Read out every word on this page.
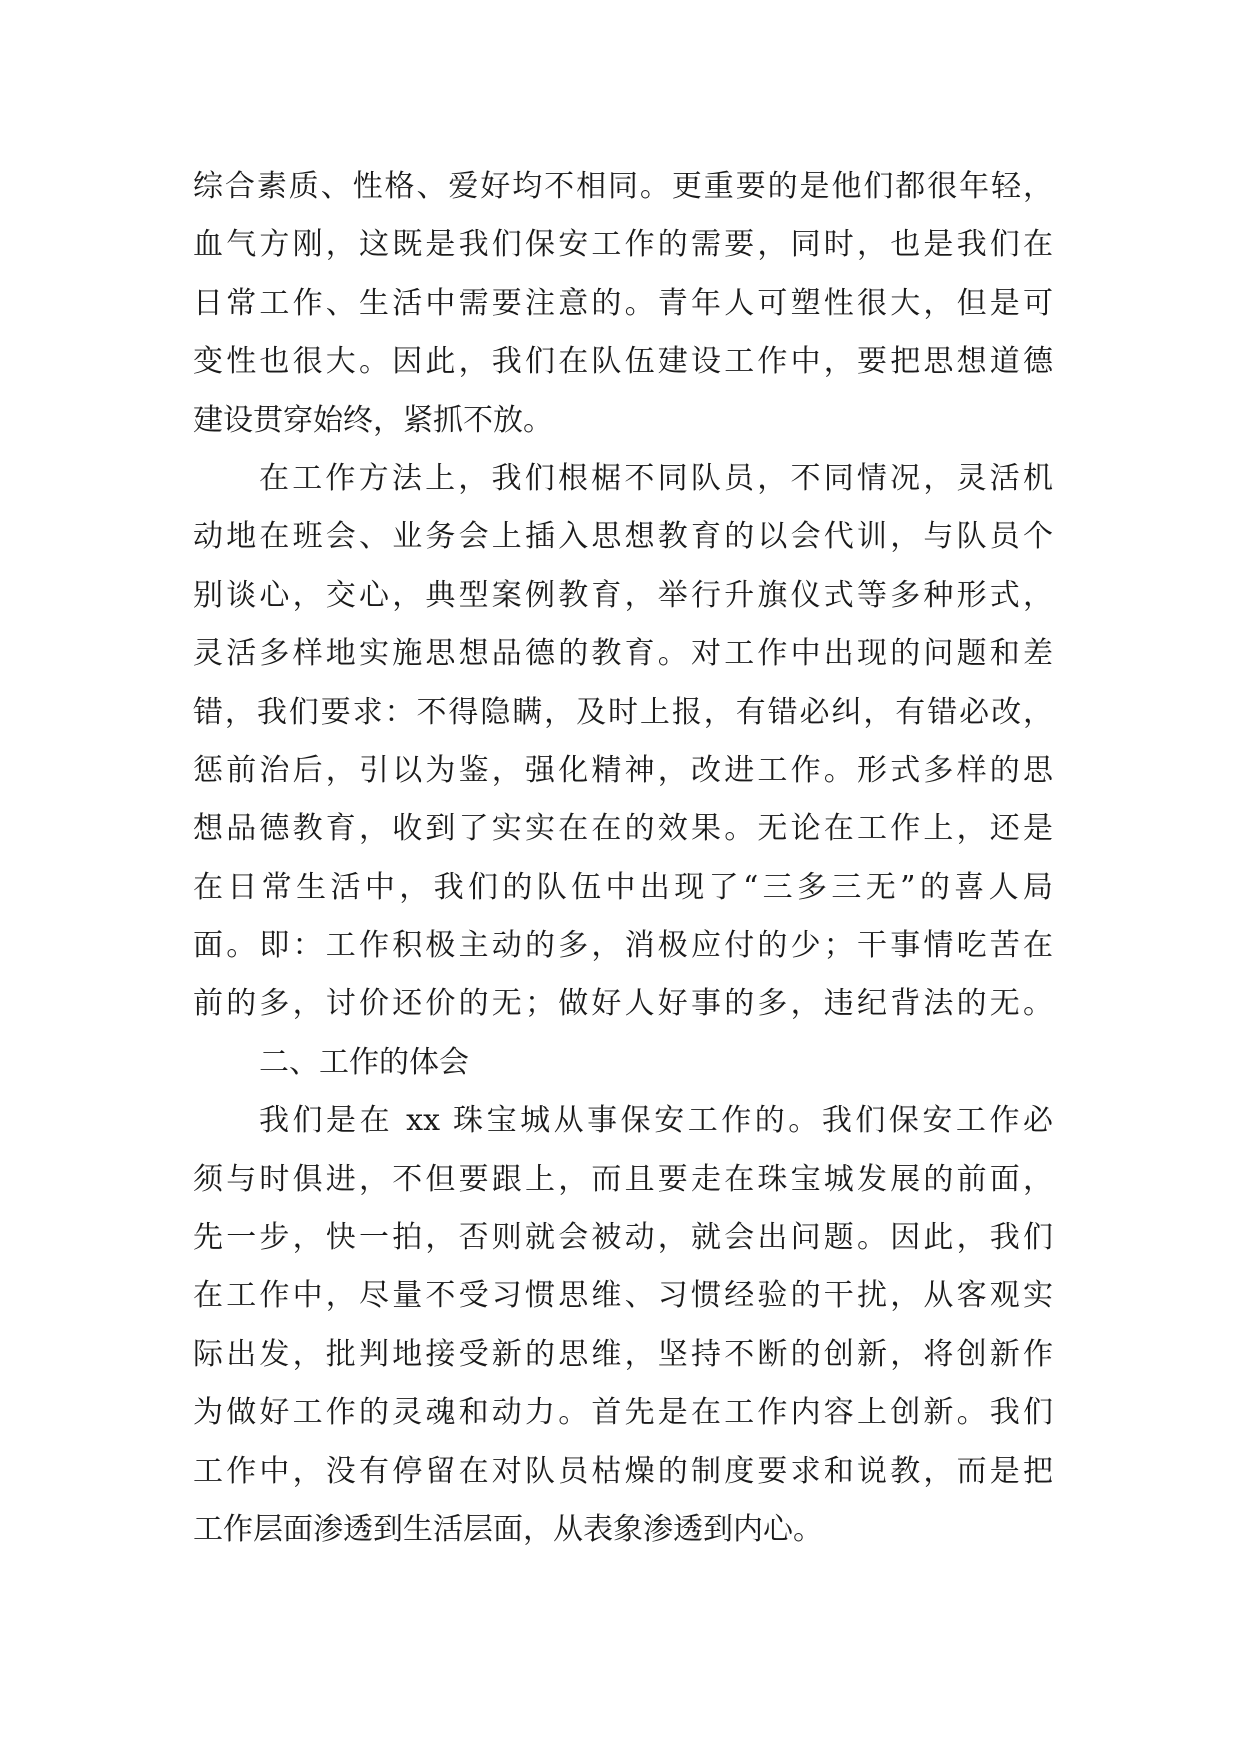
综合素质、性格、爱好均不相同。更重要的是他们都很年轻，
血气方刚，这既是我们保安工作的需要，同时，也是我们在
日常工作、生活中需要注意的。青年人可塑性很大，但是可
变性也很大。因此，我们在队伍建设工作中，要把思想道德
建设贯穿始终，紧抓不放。
在工作方法上，我们根椐不同队员，不同情况，灵活机
动地在班会、业务会上插入思想教育的以会代训，与队员个
别谈心，交心，典型案例教育，举行升旗仪式等多种形式，
灵活多样地实施思想品德的教育。对工作中出现的问题和差
错，我们要求：不得隐瞒，及时上报，有错必纠，有错必改，
惩前治后，引以为鉴，强化精神，改进工作。形式多样的思
想品德教育，收到了实实在在的效果。无论在工作上，还是
在日常生活中，我们的队伍中出现了“三多三无”的喜人局
面。即：工作积极主动的多，消极应付的少；干事情吃苦在
前的多，讨价还价的无；做好人好事的多，违纪背法的无。
二、工作的体会
我们是在 xx 珠宝城从事保安工作的。我们保安工作必
须与时俱进，不但要跟上，而且要走在珠宝城发展的前面，
先一步，快一拍，否则就会被动，就会出问题。因此，我们
在工作中，尽量不受习惯思维、习惯经验的干扰，从客观实
际出发，批判地接受新的思维，坚持不断的创新，将创新作
为做好工作的灵魂和动力。首先是在工作内容上创新。我们
工作中，没有停留在对队员枯燥的制度要求和说教，而是把
工作层面渗透到生活层面，从表象渗透到内心。
